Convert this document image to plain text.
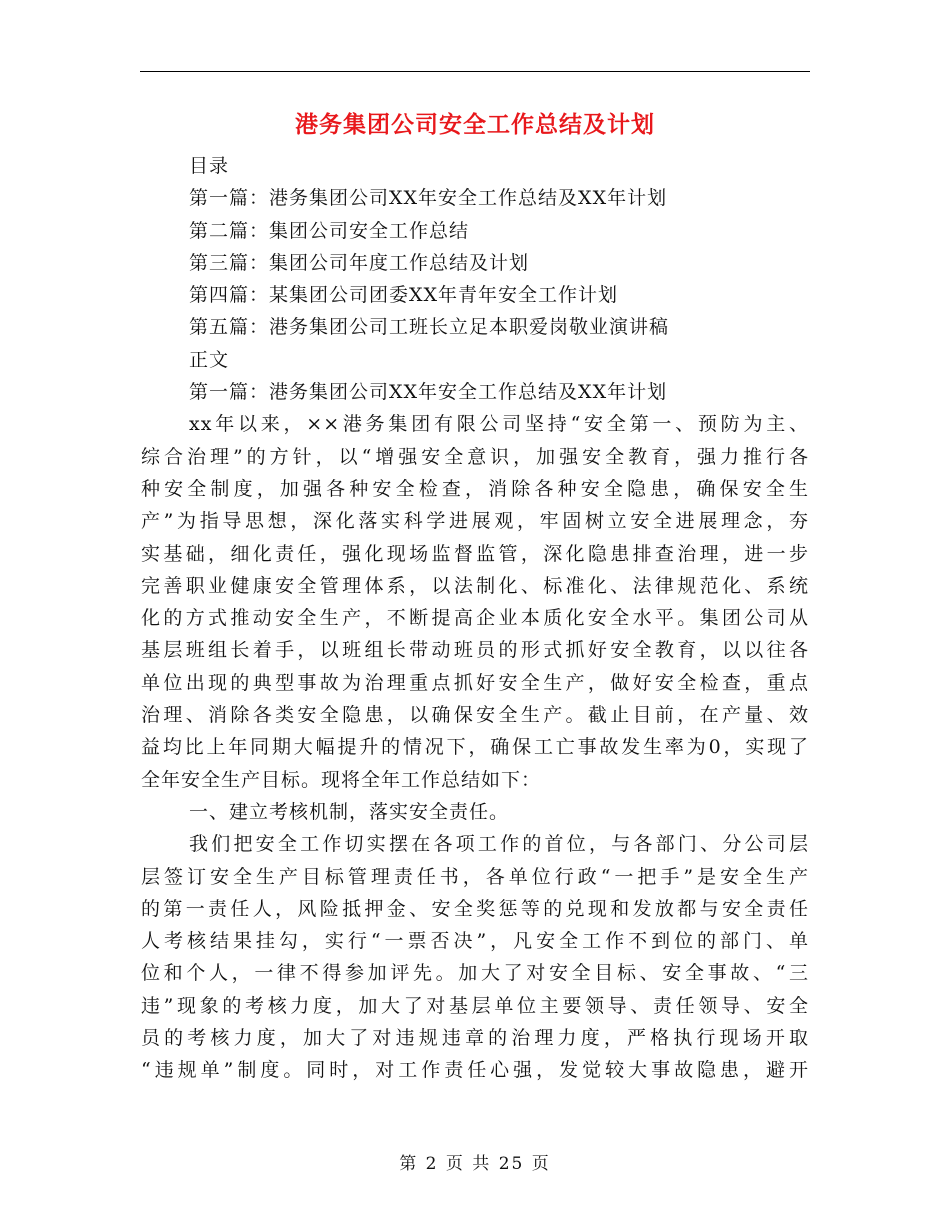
港务集团公司安全工作总结及计划
目录
第一篇：港务集团公司XX年安全工作总结及XX年计划
第二篇：集团公司安全工作总结
第三篇：集团公司年度工作总结及计划
第四篇：某集团公司团委XX年青年安全工作计划
第五篇：港务集团公司工班长立足本职爱岗敬业演讲稿
正文
第一篇：港务集团公司XX年安全工作总结及XX年计划
xx年以来，××港务集团有限公司坚持“安全第一、预防为主、
综合治理”的方针，以“增强安全意识，加强安全教育，强力推行各
种安全制度，加强各种安全检查，消除各种安全隐患，确保安全生
产”为指导思想，深化落实科学进展观，牢固树立安全进展理念，夯
实基础，细化责任，强化现场监督监管，深化隐患排查治理，进一步
完善职业健康安全管理体系，以法制化、标准化、法律规范化、系统
化的方式推动安全生产，不断提高企业本质化安全水平。集团公司从
基层班组长着手，以班组长带动班员的形式抓好安全教育，以以往各
单位出现的典型事故为治理重点抓好安全生产，做好安全检查，重点
治理、消除各类安全隐患，以确保安全生产。截止目前，在产量、效
益均比上年同期大幅提升的情况下，确保工亡事故发生率为0，实现了
全年安全生产目标。现将全年工作总结如下：
一、建立考核机制，落实安全责任。
我们把安全工作切实摆在各项工作的首位，与各部门、分公司层
层签订安全生产目标管理责任书，各单位行政“一把手”是安全生产
的第一责任人，风险抵押金、安全奖惩等的兑现和发放都与安全责任
人考核结果挂勾，实行“一票否决”，凡安全工作不到位的部门、单
位和个人，一律不得参加评先。加大了对安全目标、安全事故、“三
违”现象的考核力度，加大了对基层单位主要领导、责任领导、安全
员的考核力度，加大了对违规违章的治理力度，严格执行现场开取
“违规单”制度。同时，对工作责任心强，发觉较大事故隐患，避开
第 2 页 共 25 页
